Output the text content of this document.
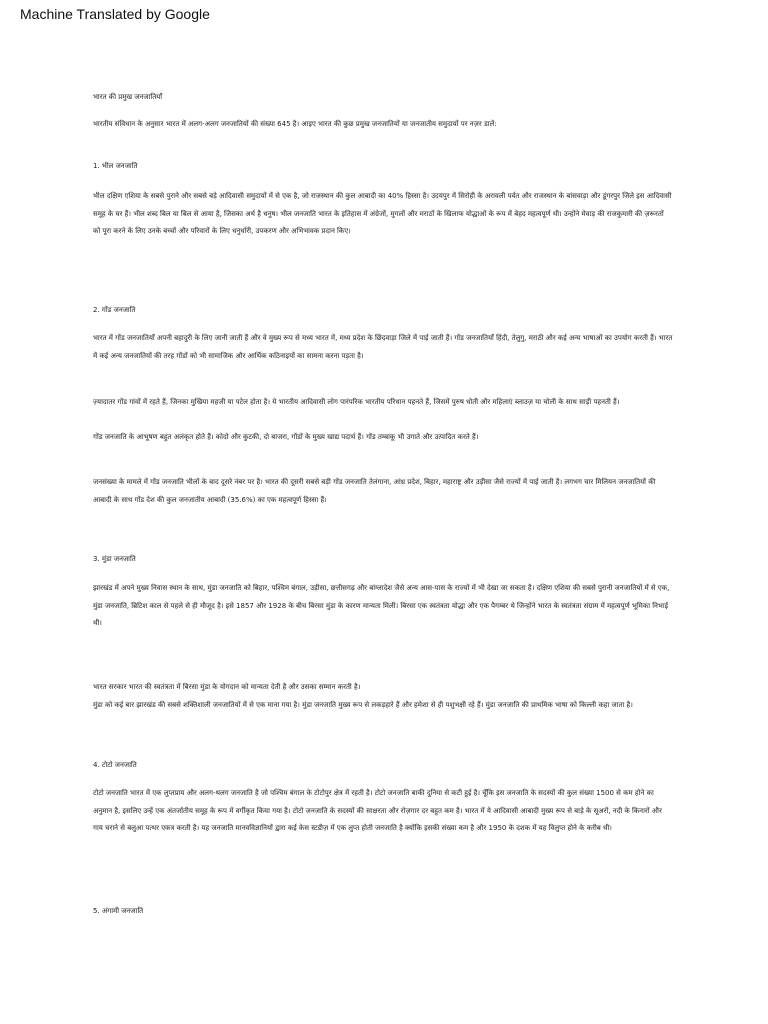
Machine Translated by Google
भारत की प्रमुख जनजातियाँ
भारतीय संविधान के अनुसार भारत में अलग-अलग जनजातियों की संख्या 645 है। आइए भारत की कुछ प्रमुख जनजातियों या जनजातीय समुदायों पर नज़र डालें:
1. भील जनजाति
भील दक्षिण एशिया के सबसे पुराने और सबसे बड़े आदिवासी समुदायों में से एक है, जो राजस्थान की कुल आबादी का 40% हिस्सा है। उदयपुर में सिरोही के अरावली पर्वत और राजस्थान के बांसवाड़ा और डूंगरपुर जिले इस आदिवासी समूह के घर हैं। भील शब्द बिल या बिल से आया है, जिसका अर्थ है धनुष। भील जनजाति भारत के इतिहास में अंग्रेजों, मुगलों और मराठों के खिलाफ योद्धाओं के रूप में बेहद महत्वपूर्ण थी। उन्होंने मेवाड़ की राजकुमारी की ज़रूरतों को पूरा करने के लिए उनके बच्चों और परिवारों के लिए धनुर्धारी, उपकरण और अभिभावक प्रदान किए।
2. गोंड जनजाति
भारत में गोंड जनजातियाँ अपनी बहादुरी के लिए जानी जाती हैं और वे मुख्य रूप से मध्य भारत में, मध्य प्रदेश के छिंदवाड़ा जिले में पाई जाती हैं। गोंड जनजातियाँ हिंदी, तेलुगु, मराठी और कई अन्य भाषाओं का उपयोग करती हैं। भारत में कई अन्य जनजातियों की तरह गोंडों को भी सामाजिक और आर्थिक कठिनाइयों का सामना करना पड़ता है।
ज़्यादातर गोंड गांवों में रहते हैं, जिनका मुखिया महजी या पटेल होता है। ये भारतीय आदिवासी लोग पारंपरिक भारतीय परिधान पहनते हैं, जिसमें पुरुष धोती और महिलाएं ब्लाउज़ या चोली के साथ साड़ी पहनती हैं।
गोंड जनजाति के आभूषण बहुत अलंकृत होते हैं। कोदो और कुटकी, दो बाजरा, गोंडों के मुख्य खाद्य पदार्थ हैं। गोंड तम्बाकू भी उगाते और उत्पादित करते हैं।
जनसंख्या के मामले में गोंड जनजाति भीलों के बाद दूसरे नंबर पर है। भारत की दूसरी सबसे बड़ी गोंड जनजाति तेलंगाना, आंध्र प्रदेश, बिहार, महाराष्ट्र और उड़ीसा जैसे राज्यों में पाई जाती है। लगभग चार मिलियन जनजातियों की आबादी के साथ गोंड देश की कुल जनजातीय आबादी (35.6%) का एक महत्वपूर्ण हिस्सा हैं।
3. मुंडा जनजाति
झारखंड में अपने मुख्य निवास स्थान के साथ, मुंडा जनजाति को बिहार, पश्चिम बंगाल, उड़ीसा, छत्तीसगढ़ और बांग्लादेश जैसे अन्य आस-पास के राज्यों में भी देखा जा सकता है। दक्षिण एशिया की सबसे पुरानी जनजातियों में से एक, मुंडा जनजाति, ब्रिटिश काल से पहले से ही मौजूद है। इसे 1857 और 1928 के बीच बिरसा मुंडा के कारण मान्यता मिली। बिरसा एक स्वतंत्रता योद्धा और एक पैगम्बर थे जिन्होंने भारत के स्वतंत्रता संग्राम में महत्वपूर्ण भूमिका निभाई थी।
भारत सरकार भारत की स्वतंत्रता में बिरसा मुंडा के योगदान को मान्यता देती है और उसका सम्मान करती है।
मुंडा को कई बार झारखंड की सबसे शक्तिशाली जनजातियों में से एक माना गया है। मुंडा जनजाति मुख्य रूप से लकड़हारे हैं और हमेशा से ही पशुभक्षी रहे हैं। मुंडा जनजाति की प्राथमिक भाषा को किल्ली कहा जाता है।
4. टोटो जनजाति
टोटो जनजाति भारत में एक लुप्तप्राय और अलग-थलग जनजाति है जो पश्चिम बंगाल के टोटोपुर क्षेत्र में रहती है। टोटो जनजाति बाकी दुनिया से कटी हुई है। चूँकि इस जनजाति के सदस्यों की कुल संख्या 1500 से कम होने का अनुमान है, इसलिए उन्हें एक अंतर्जातीय समूह के रूप में वर्गीकृत किया गया है। टोटो जनजाति के सदस्यों की साक्षरता और रोज़गार दर बहुत कम है। भारत में ये आदिवासी आबादी मुख्य रूप से बाड़े के सूअरों, नदी के किनारों और गाय चराने से बलुआ पत्थर एकत्र करती है। यह जनजाति मानवविज्ञानियों द्वारा कई केस स्टडीज़ में एक लुप्त होती जनजाति है क्योंकि इसकी संख्या कम है और 1950 के दशक में यह विलुप्त होने के करीब थी।
5. अंगामी जनजाति
